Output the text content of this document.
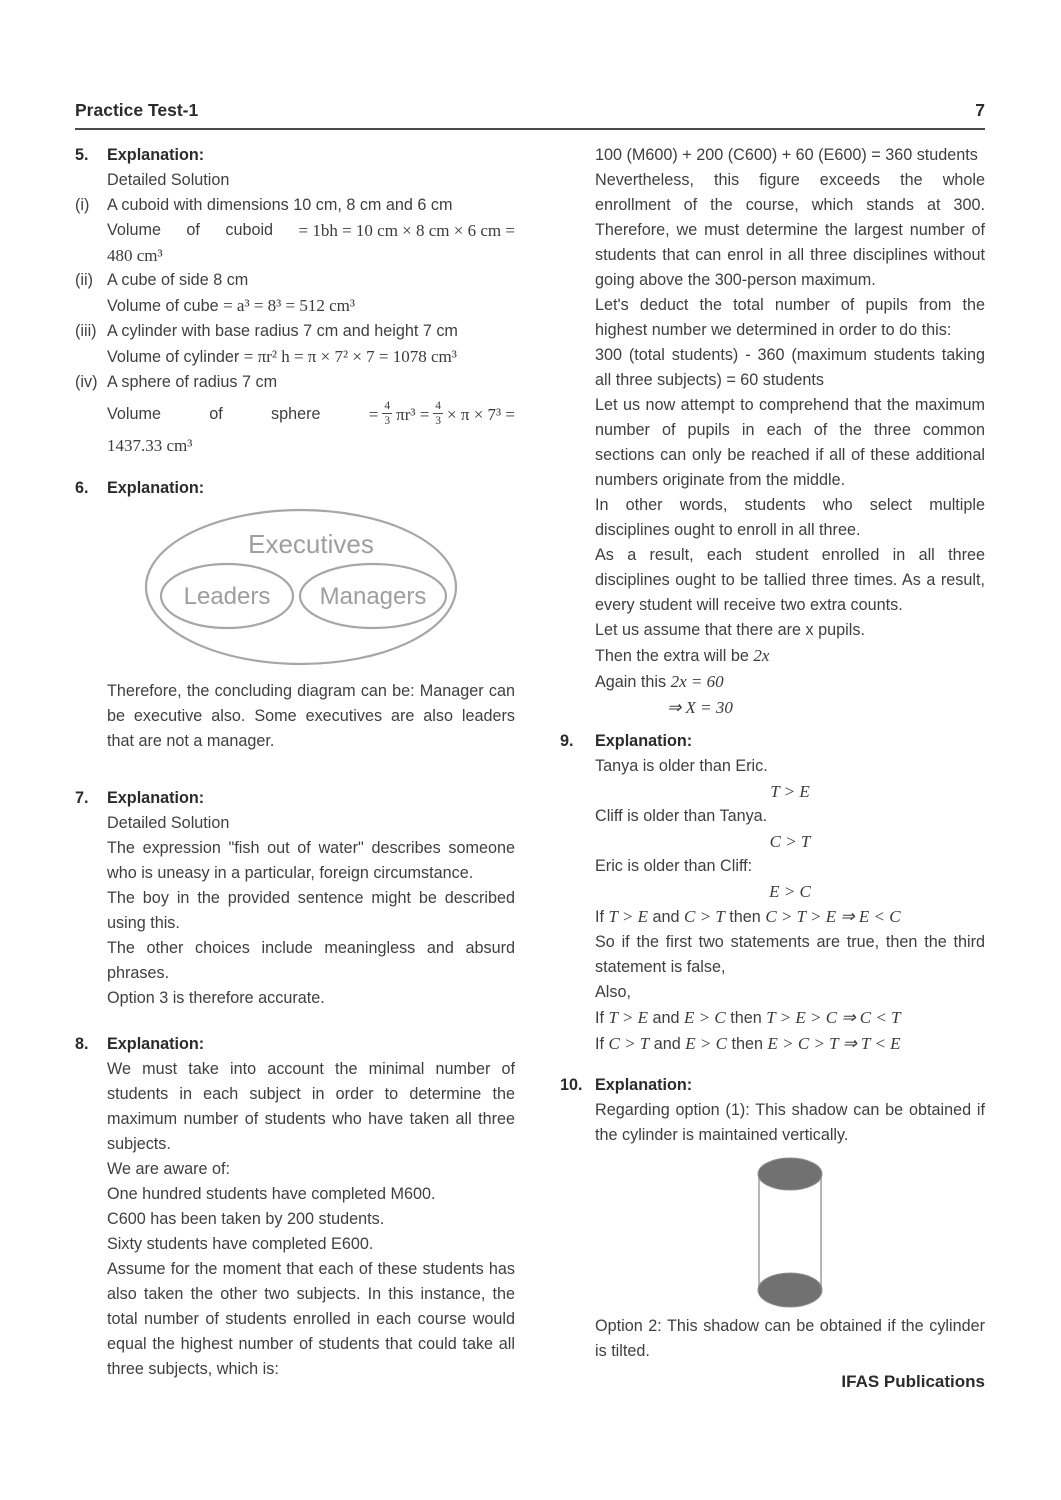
Practice Test-1	7
5. Explanation:
Detailed Solution
(i) A cuboid with dimensions 10 cm, 8 cm and 6 cm
Volume of cuboid = 1bh = 10 cm × 8 cm × 6 cm =
480 cm³
(ii) A cube of side 8 cm
Volume of cube = a³ = 8³ = 512 cm³
(iii) A cylinder with base radius 7 cm and height 7 cm
Volume of cylinder = πr² h = π × 7² × 7 = 1078 cm³
(iv) A sphere of radius 7 cm
Volume	of	sphere	= $\frac{4}{3} \pi r^3 = \frac{4}{3} \times \pi \times 7^3$ =
1437.33 cm³
6. Explanation:
Executives
Leaders Managers
Therefore, the concluding diagram can be: Manager can be executive also. Some executives are also leaders that are not a manager.
7. Explanation:
Detailed Solution
The expression "fish out of water" describes someone who is uneasy in a particular, foreign circumstance.
The boy in the provided sentence might be described using this.
The other choices include meaningless and absurd phrases.
Option 3 is therefore accurate.
8. Explanation:
We must take into account the minimal number of students in each subject in order to determine the maximum number of students who have taken all three subjects.
We are aware of:
One hundred students have completed M600.
C600 has been taken by 200 students.
Sixty students have completed E600.
Assume for the moment that each of these students has also taken the other two subjects. In this instance, the total number of students enrolled in each course would equal the highest number of students that could take all three subjects, which is:
100 (M600) + 200 (C600) + 60 (E600) = 360 students
Nevertheless, this figure exceeds the whole enrollment of the course, which stands at 300. Therefore, we must determine the largest number of students that can enrol in all three disciplines without going above the 300-person maximum.
Let's deduct the total number of pupils from the highest number we determined in order to do this:
300 (total students) - 360 (maximum students taking all three subjects) = 60 students
Let us now attempt to comprehend that the maximum number of pupils in each of the three common sections can only be reached if all of these additional numbers originate from the middle.
In other words, students who select multiple disciplines ought to enroll in all three.
As a result, each student enrolled in all three disciplines ought to be tallied three times. As a result, every student will receive two extra counts.
Let us assume that there are x pupils.
Then the extra will be 2x
Again this 2x = 60
⇒ X = 30
9. Explanation:
Tanya is older than Eric.
T > E
Cliff is older than Tanya.
C > T
Eric is older than Cliff:
E > C
If T > E and C > T then C > T > E ⇒ E < C
So if the first two statements are true, then the third statement is false,
Also,
If T > E and E > C then T > E > C ⇒ C < T
If C > T and E > C then E > C > T ⇒ T < E
10. Explanation:
Regarding option (1): This shadow can be obtained if the cylinder is maintained vertically.
Option 2: This shadow can be obtained if the cylinder is tilted.
IFAS Publications
